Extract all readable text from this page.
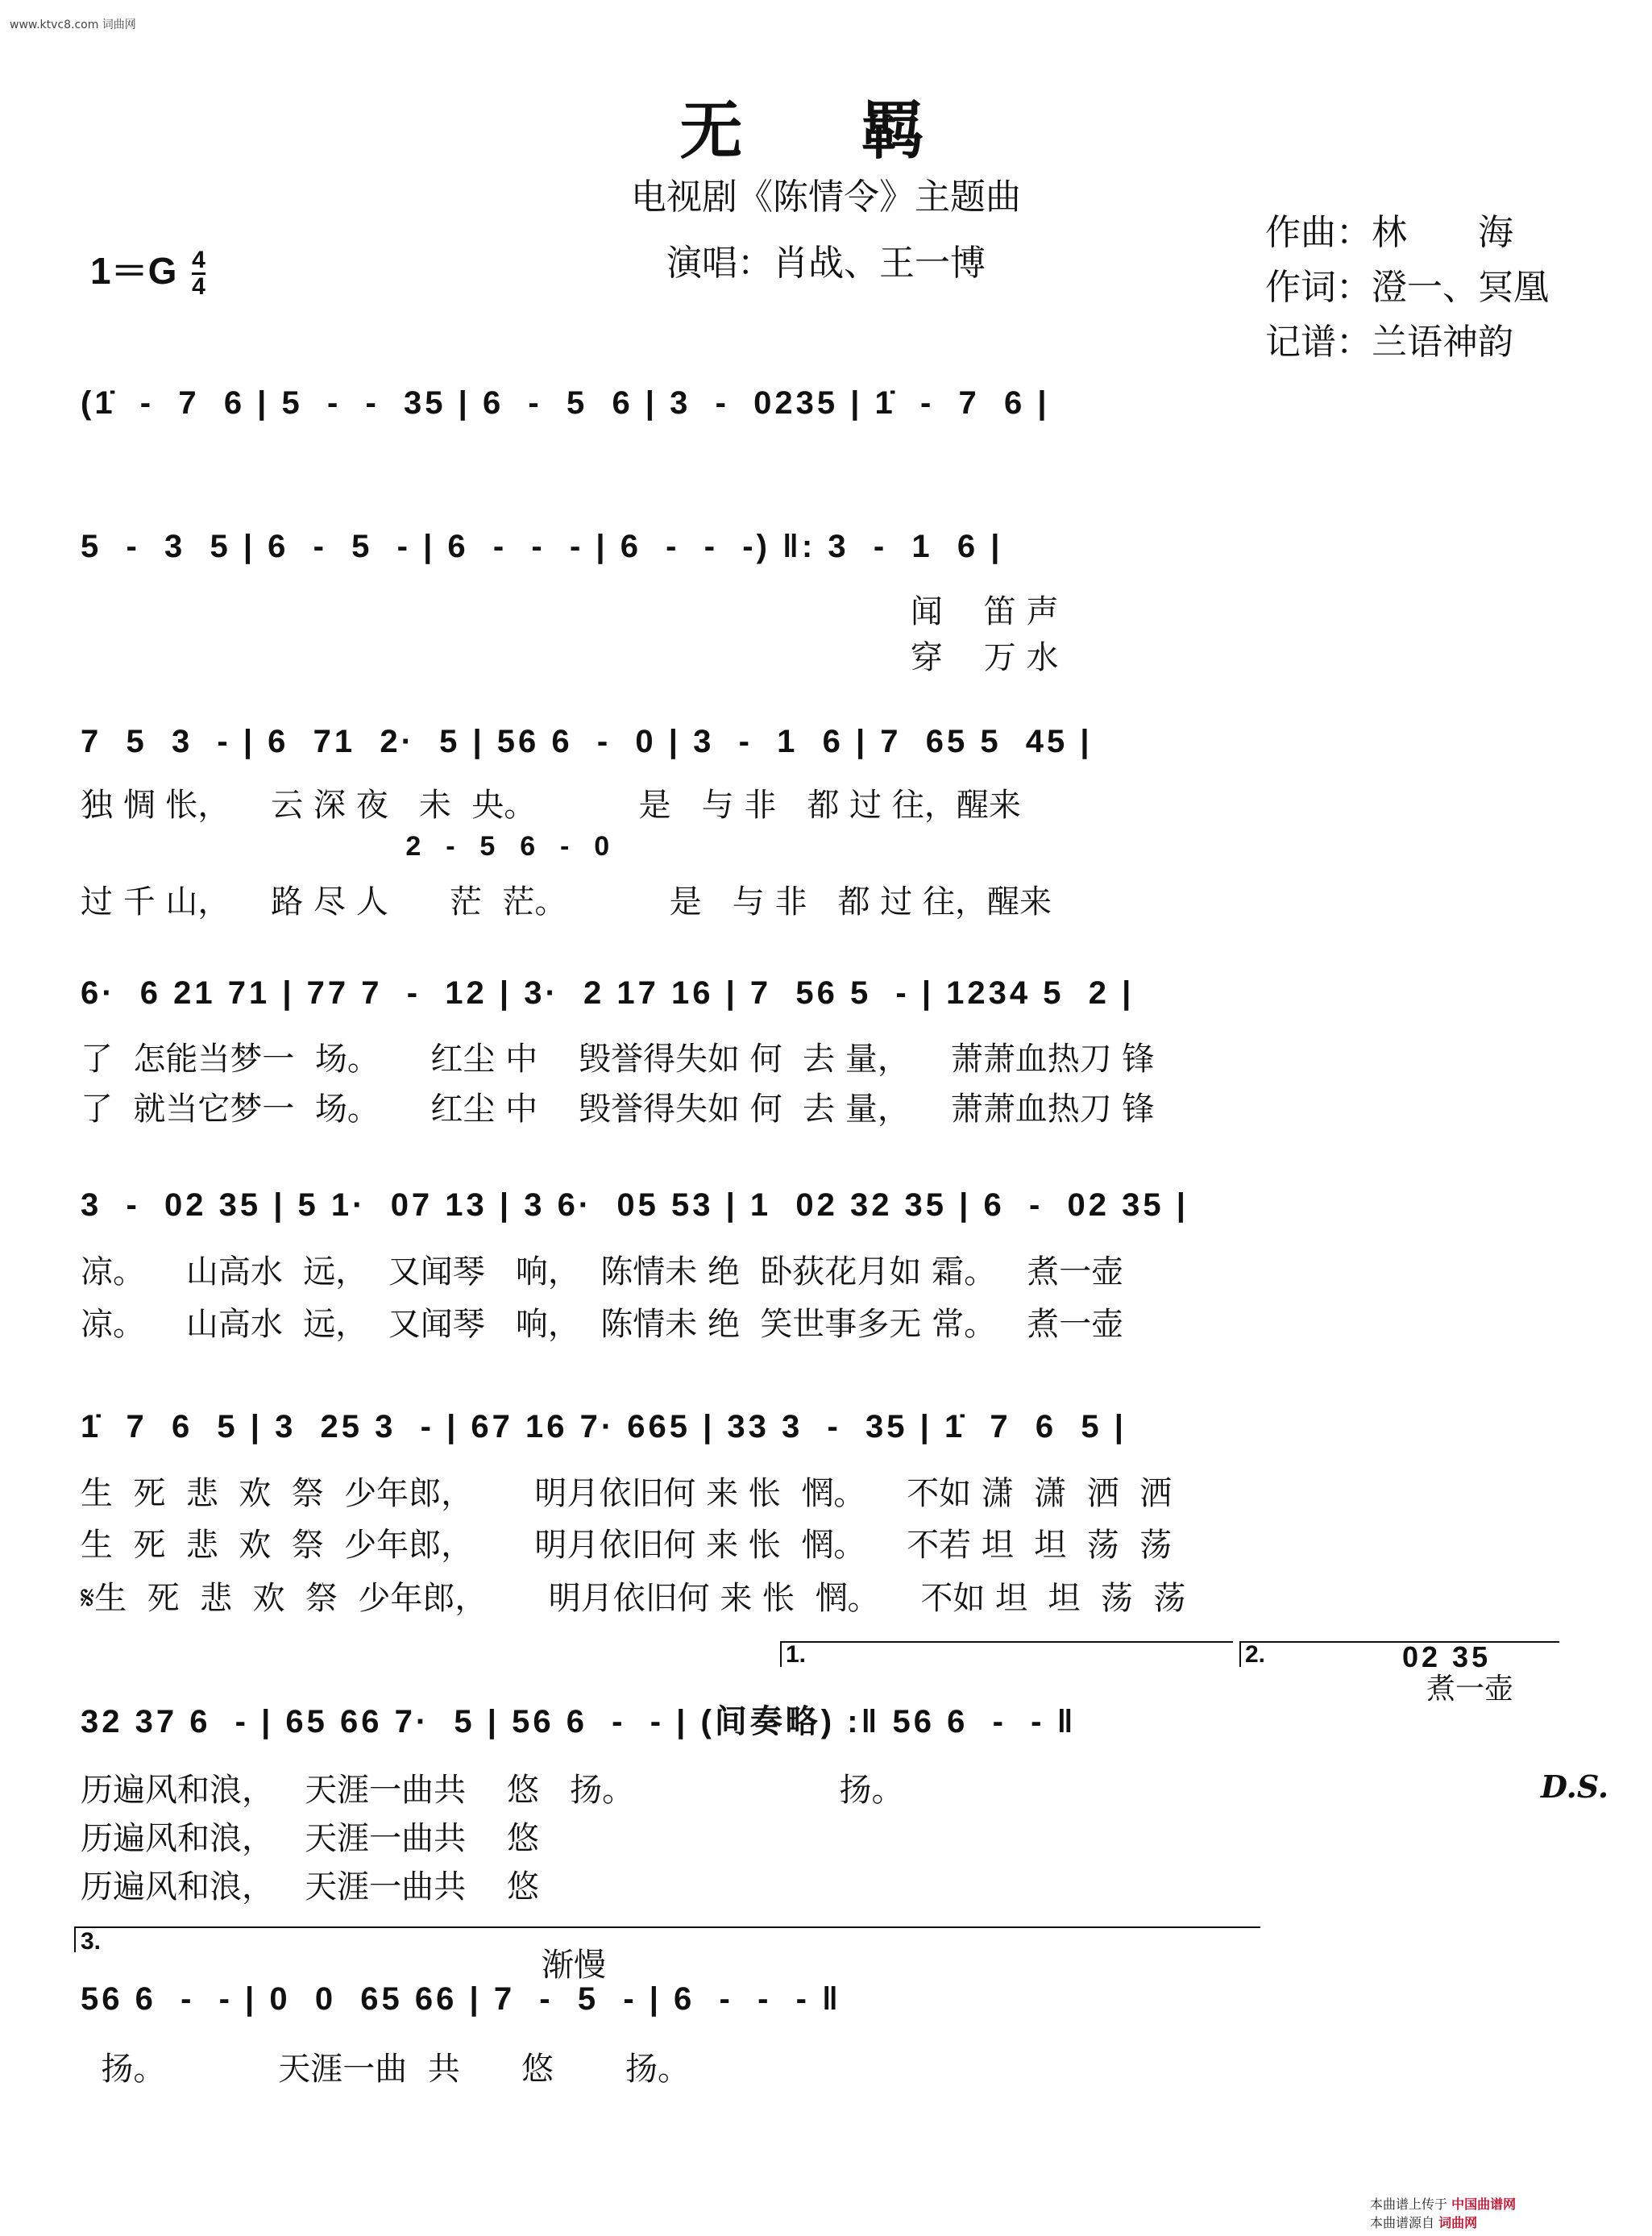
www.ktvc8.com 词曲网
无 羁
电视剧《陈情令》主题曲
演唱：肖战、王一博
作曲：林　　海
作词：澄一、冥凰
记谱：兰语神韵
$1=G \frac{4}{4}$
(1̇  -  7  6 | 5  -  -  35 | 6  -  5  6 | 3  -  0235 | 1̇  -  7  6 |
5  -  3  5 | 6  -  5  - | 6  -  -  - | 6  -  -  -) ‖: 3  -  1  6 |
闻    笛 声
穿    万 水
7  5  3  - | 6  71  2·  5 | 56 6  -  0 | 3  -  1  6 | 7  65 5  45 |
独 惆 怅，    云 深 夜   未  央。          是   与 非   都 过 往，醒来
2  -  5  6  -  0
过 千 山，    路 尽 人      茫  茫。          是   与 非   都 过 往，醒来
6·  6 21 71 | 77 7  -  12 | 3·  2 17 16 | 7  56 5  - | 1234 5  2 |
了  怎能当梦一  场。     红尘 中    毁誉得失如 何  去 量，    萧萧血热刀 锋
了  就当它梦一  场。     红尘 中    毁誉得失如 何  去 量，    萧萧血热刀 锋
3  -  02 35 | 5 1·  07 13 | 3 6·  05 53 | 1  02 32 35 | 6  -  02 35 |
凉。    山高水  远，  又闻琴   响，  陈情未 绝  卧荻花月如 霜。   煮一壶
凉。    山高水  远，  又闻琴   响，  陈情未 绝  笑世事多无 常。   煮一壶
1̇  7  6  5 | 3  25 3  - | 67 16 7· 665 | 33 3  -  35 | 1̇  7  6  5 |
生  死  悲  欢  祭  少年郎，      明月依旧何 来 怅  惘。    不如 潇  潇  洒  洒
生  死  悲  欢  祭  少年郎，      明月依旧何 来 怅  惘。    不若 坦  坦  荡  荡
𝄋生  死  悲  欢  祭  少年郎，      明月依旧何 来 怅  惘。    不如 坦  坦  荡  荡
1.	2.	02 35
煮一壶
32 37 6  - | 65 66 7·  5 | 56 6  -  - | (间奏略) :‖ 56 6  -  - ‖
历遍风和浪，   天涯一曲共    悠   扬。                    扬。
历遍风和浪，   天涯一曲共    悠
历遍风和浪，   天涯一曲共    悠
D.S.
3.
渐慢
56 6  -  - | 0  0  65 66 | 7  -  5  - | 6  -  -  - ‖
扬。           天涯一曲  共      悠       扬。
本曲谱上传于 中国曲谱网
本曲谱源自 词曲网
